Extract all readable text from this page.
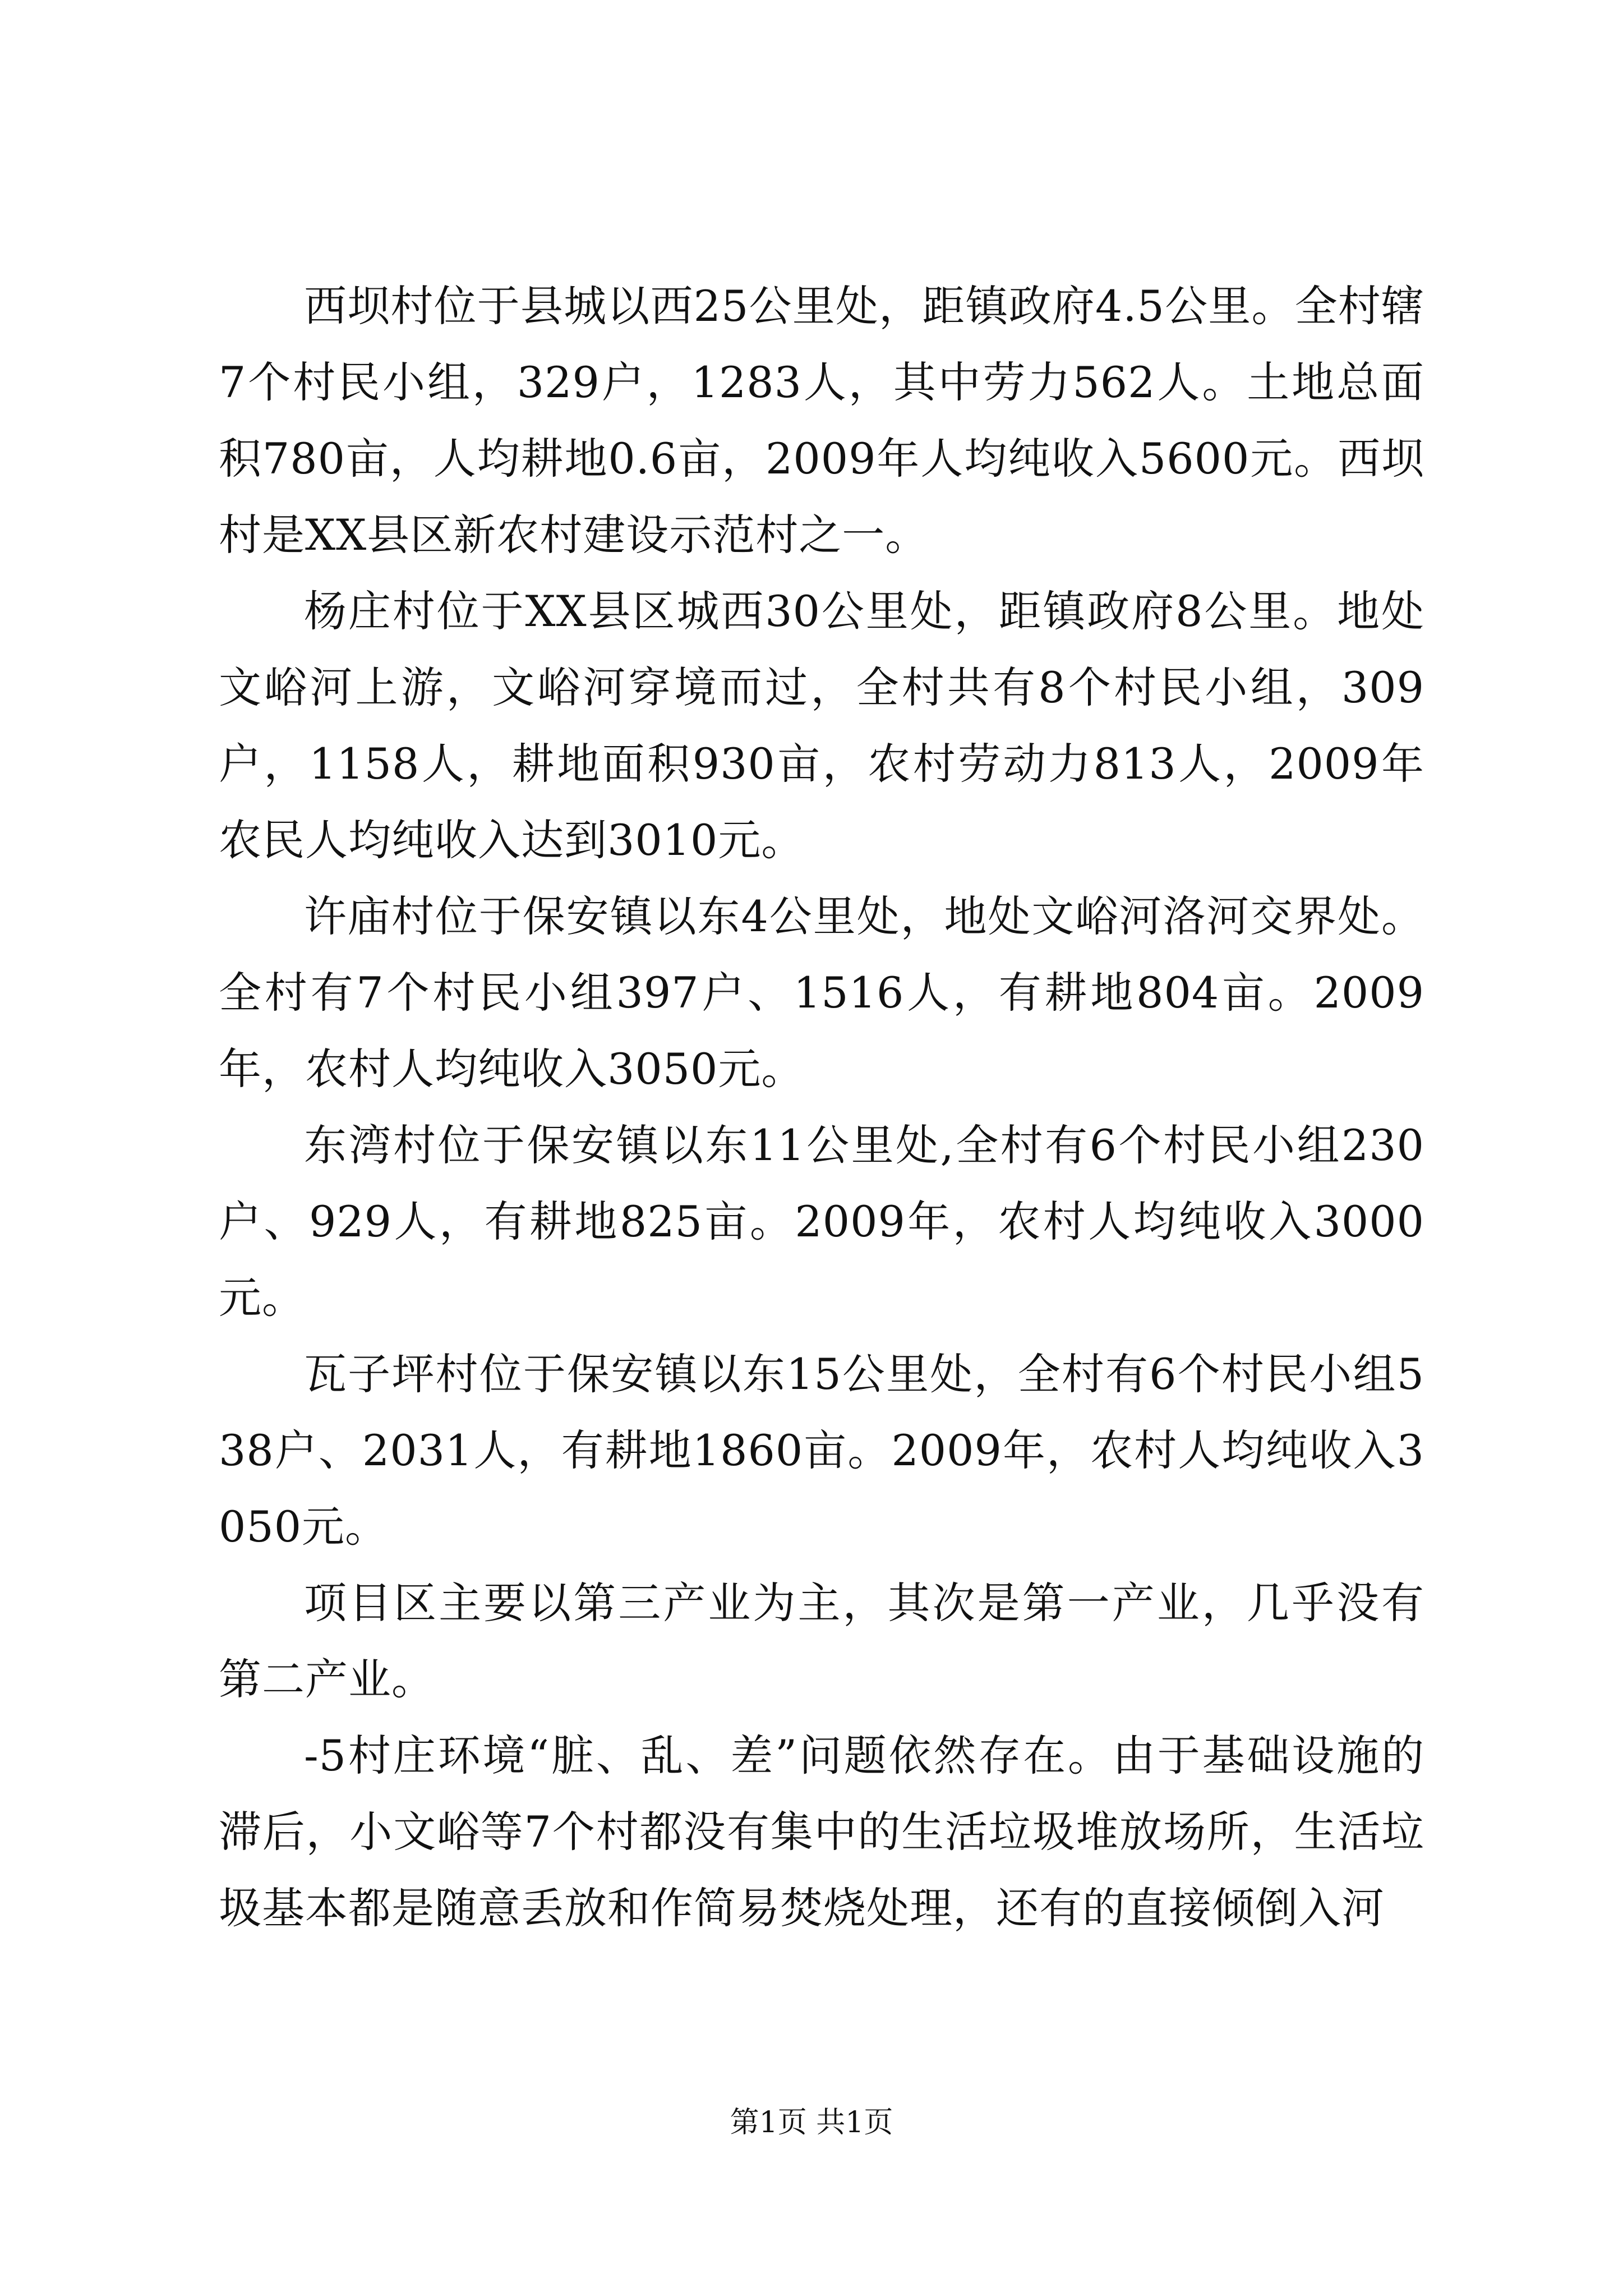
西坝村位于县城以西25公里处，距镇政府4.5公里。全村辖7个村民小组，329户，1283人，其中劳力562人。土地总面积780亩，人均耕地0.6亩，2009年人均纯收入5600元。西坝村是XX县区新农村建设示范村之一。

杨庄村位于XX县区城西30公里处，距镇政府8公里。地处文峪河上游，文峪河穿境而过，全村共有8个村民小组，309户，1158人，耕地面积930亩，农村劳动力813人，2009年农民人均纯收入达到3010元。

许庙村位于保安镇以东4公里处，地处文峪河洛河交界处。全村有7个村民小组397户、1516人，有耕地804亩。2009年，农村人均纯收入3050元。

东湾村位于保安镇以东11公里处,全村有6个村民小组230户、929人，有耕地825亩。2009年，农村人均纯收入3000元。

瓦子坪村位于保安镇以东15公里处，全村有6个村民小组538户、2031人，有耕地1860亩。2009年，农村人均纯收入3050元。

项目区主要以第三产业为主，其次是第一产业，几乎没有第二产业。

-5村庄环境“脏、乱、差”问题依然存在。由于基础设施的滞后，小文峪等7个村都没有集中的生活垃圾堆放场所，生活垃圾基本都是随意丢放和作简易焚烧处理，还有的直接倾倒入河

第1页 共1页
